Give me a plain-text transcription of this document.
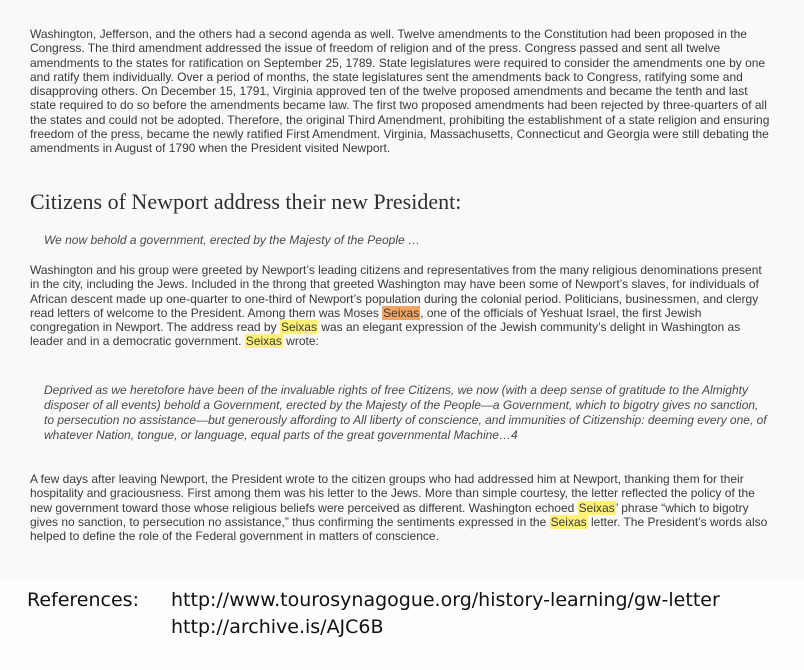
Washington, Jefferson, and the others had a second agenda as well. Twelve amendments to the Constitution had been proposed in the Congress. The third amendment addressed the issue of freedom of religion and of the press. Congress passed and sent all twelve amendments to the states for ratification on September 25, 1789. State legislatures were required to consider the amendments one by one and ratify them individually. Over a period of months, the state legislatures sent the amendments back to Congress, ratifying some and disapproving others. On December 15, 1791, Virginia approved ten of the twelve proposed amendments and became the tenth and last state required to do so before the amendments became law. The first two proposed amendments had been rejected by three-quarters of all the states and could not be adopted. Therefore, the original Third Amendment, prohibiting the establishment of a state religion and ensuring freedom of the press, became the newly ratified First Amendment. Virginia, Massachusetts, Connecticut and Georgia were still debating the amendments in August of 1790 when the President visited Newport.

Citizens of Newport address their new President:

We now behold a government, erected by the Majesty of the People …

Washington and his group were greeted by Newport’s leading citizens and representatives from the many religious denominations present in the city, including the Jews. Included in the throng that greeted Washington may have been some of Newport’s slaves, for individuals of African descent made up one-quarter to one-third of Newport’s population during the colonial period. Politicians, businessmen, and clergy read letters of welcome to the President. Among them was Moses Seixas, one of the officials of Yeshuat Israel, the first Jewish congregation in Newport. The address read by Seixas was an elegant expression of the Jewish community’s delight in Washington as leader and in a democratic government. Seixas wrote:

Deprived as we heretofore have been of the invaluable rights of free Citizens, we now (with a deep sense of gratitude to the Almighty disposer of all events) behold a Government, erected by the Majesty of the People—a Government, which to bigotry gives no sanction, to persecution no assistance—but generously affording to All liberty of conscience, and immunities of Citizenship: deeming every one, of whatever Nation, tongue, or language, equal parts of the great governmental Machine…4

A few days after leaving Newport, the President wrote to the citizen groups who had addressed him at Newport, thanking them for their hospitality and graciousness. First among them was his letter to the Jews. More than simple courtesy, the letter reflected the policy of the new government toward those whose religious beliefs were perceived as different. Washington echoed Seixas’ phrase “which to bigotry gives no sanction, to persecution no assistance,” thus confirming the sentiments expressed in the Seixas letter. The President’s words also helped to define the role of the Federal government in matters of conscience.

References: http://www.tourosynagogue.org/history-learning/gw-letter
http://archive.is/AJC6B
